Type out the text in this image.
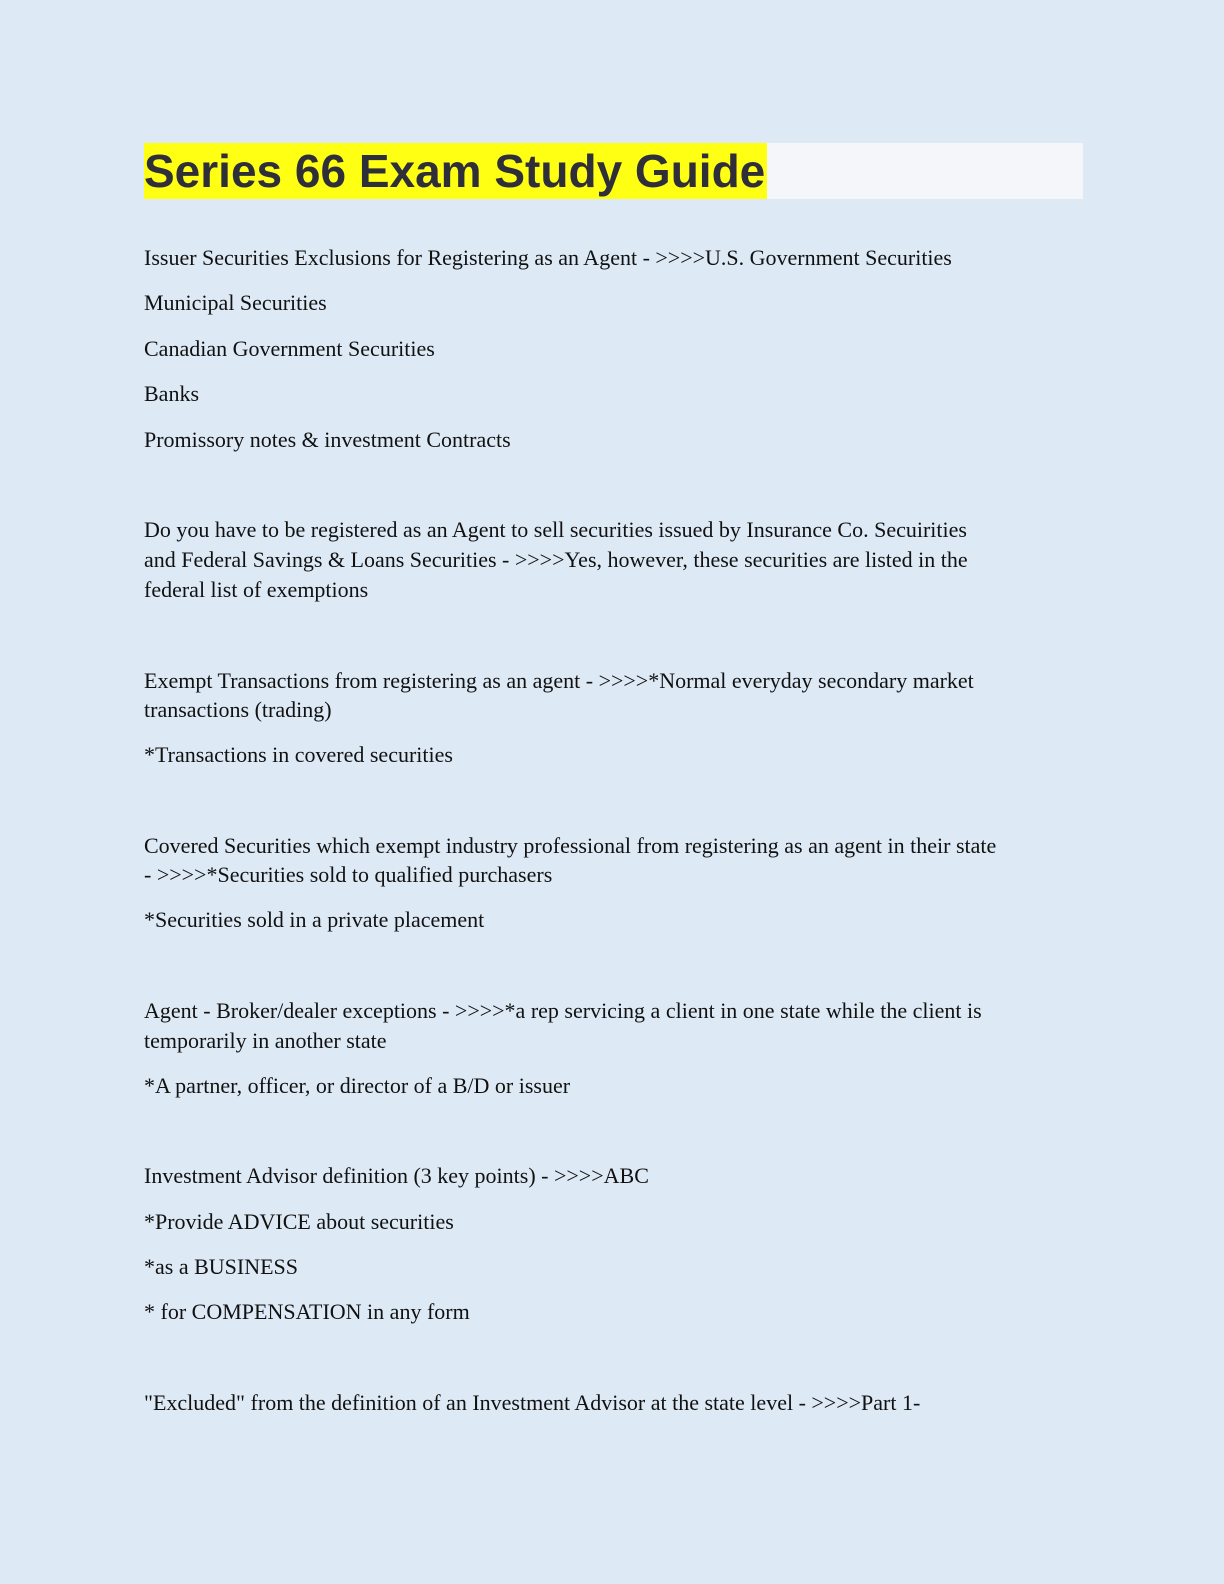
Series 66 Exam Study Guide
Issuer Securities Exclusions for Registering as an Agent - >>>>U.S. Government Securities
Municipal Securities
Canadian Government Securities
Banks
Promissory notes & investment Contracts
Do you have to be registered as an Agent to sell securities issued by Insurance Co. Secuirities
and Federal Savings & Loans Securities - >>>>Yes, however, these securities are listed in the
federal list of exemptions
Exempt Transactions from registering as an agent - >>>>*Normal everyday secondary market
transactions (trading)
*Transactions in covered securities
Covered Securities which exempt industry professional from registering as an agent in their state
- >>>>*Securities sold to qualified purchasers
*Securities sold in a private placement
Agent - Broker/dealer exceptions - >>>>*a rep servicing a client in one state while the client is
temporarily in another state
*A partner, officer, or director of a B/D or issuer
Investment Advisor definition (3 key points) - >>>>ABC
*Provide ADVICE about securities
*as a BUSINESS
* for COMPENSATION in any form
"Excluded" from the definition of an Investment Advisor at the state level - >>>>Part 1-
